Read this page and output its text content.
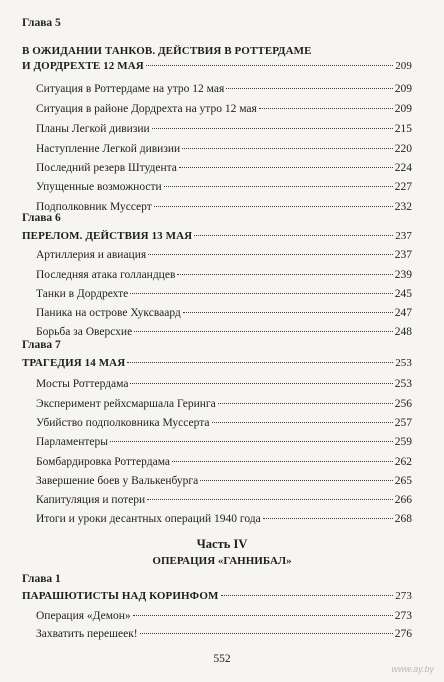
Глава 5
В ОЖИДАНИИ ТАНКОВ. ДЕЙСТВИЯ В РОТТЕРДАМЕ
И ДОРДРЕХТЕ 12 МАЯ	209
Ситуация в Роттердаме на утро 12 мая	209
Ситуация в районе Дордрехта на утро 12 мая	209
Планы Легкой дивизии	215
Наступление Легкой дивизии	220
Последний резерв Штудента	224
Упущенные возможности	227
Подполковник Муссерт	232
Глава 6
ПЕРЕЛОМ. ДЕЙСТВИЯ 13 МАЯ	237
Артиллерия и авиация	237
Последняя атака голландцев	239
Танки в Дордрехте	245
Паника на острове Хуксваард	247
Борьба за Оверсхие	248
Глава 7
ТРАГЕДИЯ 14 МАЯ	253
Мосты Роттердама	253
Эксперимент рейхсмаршала Геринга	256
Убийство подполковника Муссерта	257
Парламентеры	259
Бомбардировка Роттердама	262
Завершение боев у Валькенбурга	265
Капитуляция и потери	266
Итоги и уроки десантных операций 1940 года	268
Часть IV
ОПЕРАЦИЯ «ГАННИБАЛ»
Глава 1
ПАРАШЮТИСТЫ НАД КОРИНФОМ	273
Операция «Демон»	273
Захватить перешеек!	276
552
www.ay.by
